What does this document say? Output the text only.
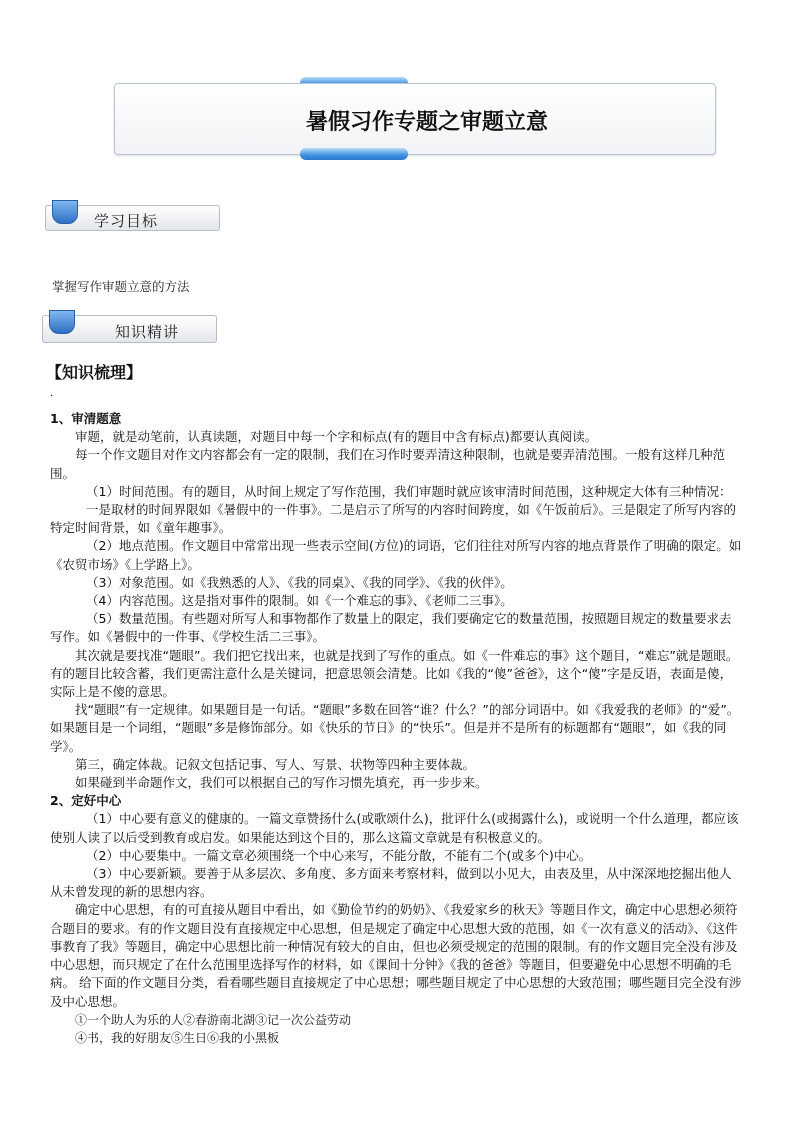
暑假习作专题之审题立意
学习目标
掌握写作审题立意的方法
知识精讲
【知识梳理】
.

1、审清题意

审题，就是动笔前，认真读题，对题目中每一个字和标点(有的题目中含有标点)都要认真阅读。

每一个作文题目对作文内容都会有一定的限制，我们在习作时要弄清这种限制，也就是要弄清范围。一般有这样几种范围。

（1）时间范围。有的题目，从时间上规定了写作范围，我们审题时就应该审清时间范围，这种规定大体有三种情况：

一是取材的时间界限如《暑假中的一件事》。二是启示了所写的内容时间跨度，如《午饭前后》。三是限定了所写内容的特定时间背景，如《童年趣事》。

（2）地点范围。作文题目中常常出现一些表示空间(方位)的词语，它们往往对所写内容的地点背景作了明确的限定。如《农贸市场》《上学路上》。

（3）对象范围。如《我熟悉的人》、《我的同桌》、《我的同学》、《我的伙伴》。

（4）内容范围。这是指对事件的限制。如《一个难忘的事》、《老师二三事》。

（5）数量范围。有些题对所写人和事物都作了数量上的限定，我们要确定它的数量范围，按照题目规定的数量要求去写作。如《暑假中的一件事、《学校生活二三事》。

其次就是要找准“题眼”。我们把它找出来，也就是找到了写作的重点。如《一件难忘的事》这个题目，“难忘”就是题眼。有的题目比较含蓄，我们更需注意什么是关键词，把意思领会清楚。比如《我的“傻”爸爸》，这个“傻”字是反语，表面是傻，实际上是不傻的意思。

找“题眼”有一定规律。如果题目是一句话。“题眼”多数在回答“谁？什么？”的部分词语中。如《我爱我的老师》的“爱”。如果题目是一个词组，“题眼”多是修饰部分。如《快乐的节日》的“快乐”。但是并不是所有的标题都有“题眼”，如《我的同学》。

第三，确定体裁。记叙文包括记事、写人、写景、状物等四种主要体裁。

如果碰到半命题作文，我们可以根据自己的写作习惯先填充，再一步步来。

2、定好中心

（1）中心要有意义的健康的。一篇文章赞扬什么(或歌颂什么)，批评什么(或揭露什么)，或说明一个什么道理，都应该使别人读了以后受到教育或启发。如果能达到这个目的，那么这篇文章就是有积极意义的。

（2）中心要集中。一篇文章必须围绕一个中心来写，不能分散，不能有二个(或多个)中心。

（3）中心要新颖。要善于从多层次、多角度、多方面来考察材料，做到以小见大，由表及里，从中深深地挖掘出他人从未曾发现的新的思想内容。

确定中心思想，有的可直接从题目中看出，如《勤俭节约的奶奶》、《我爱家乡的秋天》等题目作文，确定中心思想必须符合题目的要求。有的作文题目没有直接规定中心思想，但是规定了确定中心思想大致的范围，如《一次有意义的活动》、《这件事教育了我》等题目，确定中心思想比前一种情况有较大的自由，但也必须受规定的范围的限制。有的作文题目完全没有涉及中心思想，而只规定了在什么范围里选择写作的材料，如《课间十分钟》《我的爸爸》等题目，但要避免中心思想不明确的毛病。 给下面的作文题目分类，看看哪些题目直接规定了中心思想；哪些题目规定了中心思想的大致范围；哪些题目完全没有涉及中心思想。

①一个助人为乐的人②春游南北湖③记一次公益劳动

④书，我的好朋友⑤生日⑥我的小黑板
